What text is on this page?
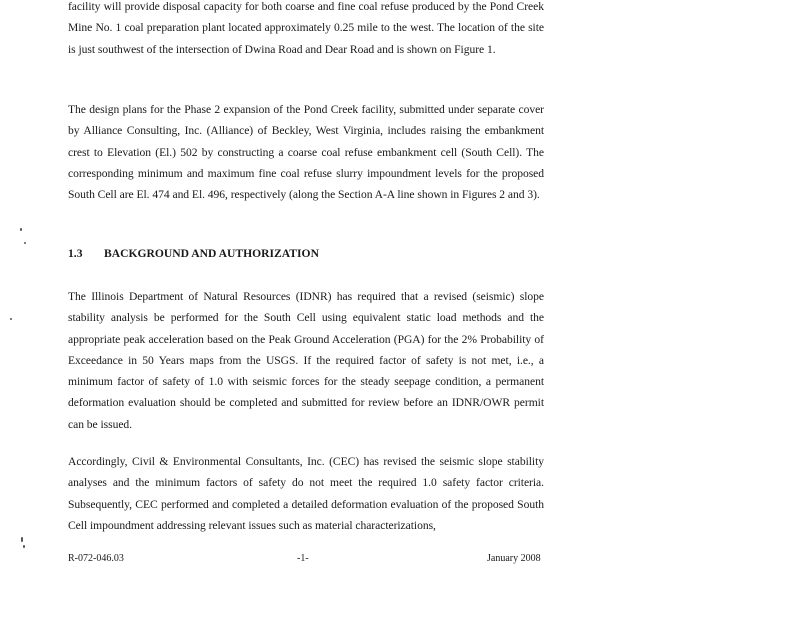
facility will provide disposal capacity for both coarse and fine coal refuse produced by the Pond Creek Mine No. 1 coal preparation plant located approximately 0.25 mile to the west. The location of the site is just southwest of the intersection of Dwina Road and Dear Road and is shown on Figure 1.

The design plans for the Phase 2 expansion of the Pond Creek facility, submitted under separate cover by Alliance Consulting, Inc. (Alliance) of Beckley, West Virginia, includes raising the embankment crest to Elevation (El.) 502 by constructing a coarse coal refuse embankment cell (South Cell). The corresponding minimum and maximum fine coal refuse slurry impoundment levels for the proposed South Cell are El. 474 and El. 496, respectively (along the Section A-A line shown in Figures 2 and 3).

1.3 BACKGROUND AND AUTHORIZATION

The Illinois Department of Natural Resources (IDNR) has required that a revised (seismic) slope stability analysis be performed for the South Cell using equivalent static load methods and the appropriate peak acceleration based on the Peak Ground Acceleration (PGA) for the 2% Probability of Exceedance in 50 Years maps from the USGS. If the required factor of safety is not met, i.e., a minimum factor of safety of 1.0 with seismic forces for the steady seepage condition, a permanent deformation evaluation should be completed and submitted for review before an IDNR/OWR permit can be issued.

Accordingly, Civil & Environmental Consultants, Inc. (CEC) has revised the seismic slope stability analyses and the minimum factors of safety do not meet the required 1.0 safety factor criteria. Subsequently, CEC performed and completed a detailed deformation evaluation of the proposed South Cell impoundment addressing relevant issues such as material characterizations,

R-072-046.03	-1-	January 2008
